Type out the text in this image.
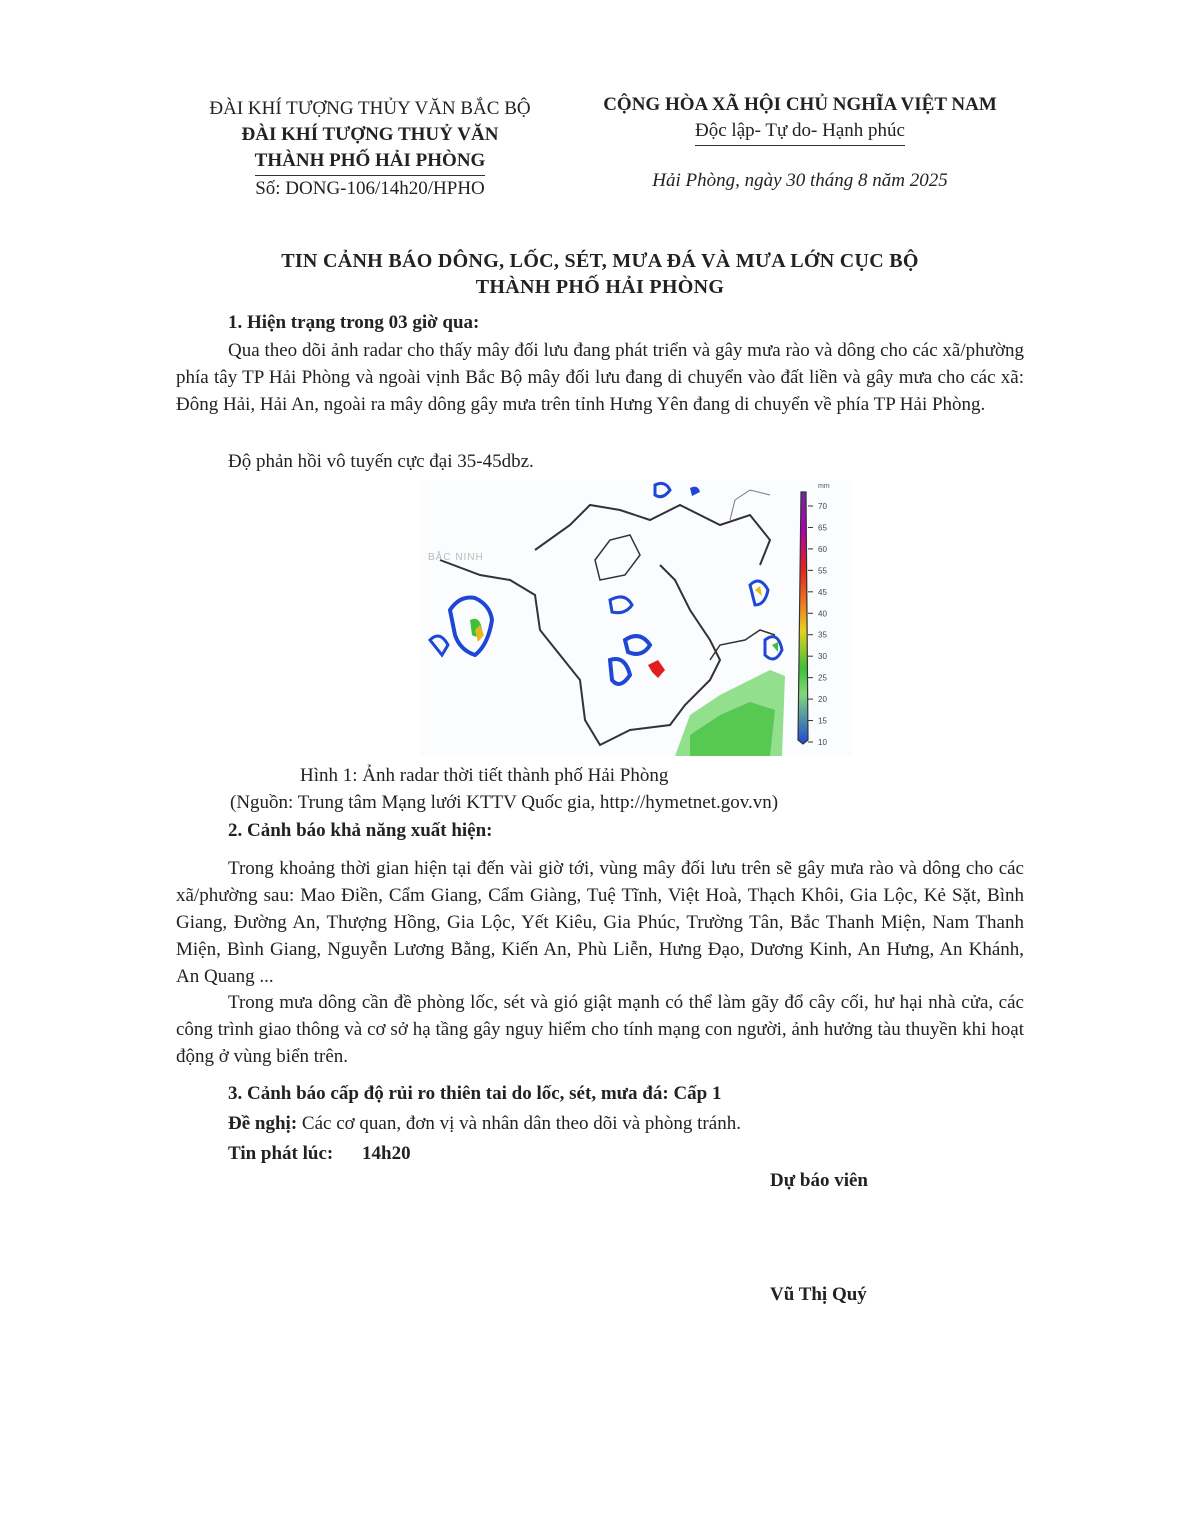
ĐÀI KHÍ TƯỢNG THỦY VĂN BẮC BỘ
ĐÀI KHÍ TƯỢNG THUỶ VĂN
THÀNH PHỐ HẢI PHÒNG
Số: DONG-106/14h20/HPHO
CỘNG HÒA XÃ HỘI CHỦ NGHĨA VIỆT NAM
Độc lập- Tự do- Hạnh phúc
Hải Phòng, ngày 30 tháng 8 năm 2025
TIN CẢNH BÁO DÔNG, LỐC, SÉT, MƯA ĐÁ VÀ MƯA LỚN CỤC BỘ
THÀNH PHỐ HẢI PHÒNG
1. Hiện trạng trong 03 giờ qua:
Qua theo dõi ảnh radar cho thấy mây đối lưu đang phát triển và gây mưa rào và dông cho các xã/phường phía tây TP Hải Phòng và ngoài vịnh Bắc Bộ mây đối lưu đang di chuyển vào đất liền và gây mưa cho các xã: Đông Hải, Hải An, ngoài ra mây dông gây mưa trên tỉnh Hưng Yên đang di chuyển về phía TP Hải Phòng.
Độ phản hồi vô tuyến cực đại 35-45dbz.
BẮC NINH
mm
70
65
60
55
45
40
35
30
25
20
15
10
Hình 1: Ảnh radar thời tiết thành phố Hải Phòng
(Nguồn: Trung tâm Mạng lưới KTTV Quốc gia, http://hymetnet.gov.vn)
2. Cảnh báo khả năng xuất hiện:
Trong khoảng thời gian hiện tại đến vài giờ tới, vùng mây đối lưu trên sẽ gây mưa rào và dông cho các xã/phường sau: Mao Điền, Cẩm Giang, Cẩm Giàng, Tuệ Tĩnh, Việt Hoà, Thạch Khôi, Gia Lộc, Kẻ Sặt, Bình Giang, Đường An, Thượng Hồng, Gia Lộc, Yết Kiêu, Gia Phúc, Trường Tân, Bắc Thanh Miện, Nam Thanh Miện, Bình Giang, Nguyễn Lương Bằng, Kiến An, Phù Liễn, Hưng Đạo, Dương Kinh, An Hưng, An Khánh, An Quang ...
Trong mưa dông cần đề phòng lốc, sét và gió giật mạnh có thể làm gãy đổ cây cối, hư hại nhà cửa, các công trình giao thông và cơ sở hạ tầng gây nguy hiểm cho tính mạng con người, ảnh hưởng tàu thuyền khi hoạt động ở vùng biển trên.
3. Cảnh báo cấp độ rủi ro thiên tai do lốc, sét, mưa đá: Cấp 1
Đề nghị: Các cơ quan, đơn vị và nhân dân theo dõi và phòng tránh.
Tin phát lúc: 14h20
Dự báo viên
Vũ Thị Quý
